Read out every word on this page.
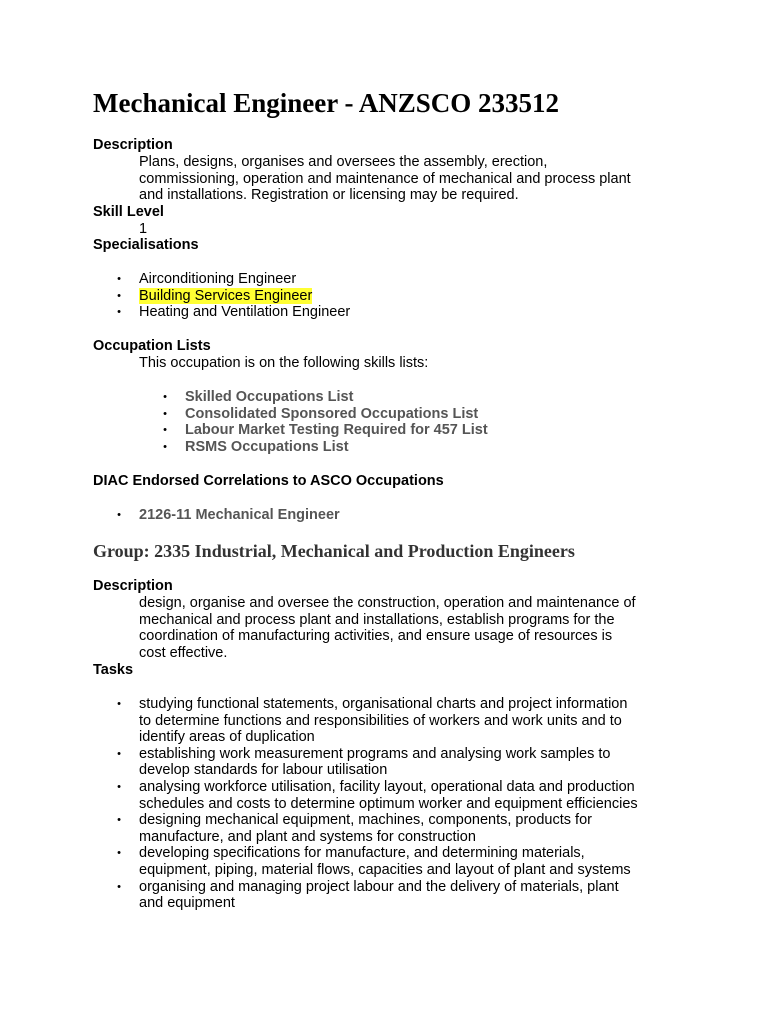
Mechanical Engineer - ANZSCO 233512
Description
Plans, designs, organises and oversees the assembly, erection,
commissioning, operation and maintenance of mechanical and process plant
and installations. Registration or licensing may be required.
Skill Level
1
Specialisations
• Airconditioning Engineer
• Building Services Engineer
• Heating and Ventilation Engineer
Occupation Lists
This occupation is on the following skills lists:
• Skilled Occupations List
• Consolidated Sponsored Occupations List
• Labour Market Testing Required for 457 List
• RSMS Occupations List
DIAC Endorsed Correlations to ASCO Occupations
• 2126-11 Mechanical Engineer
Group: 2335 Industrial, Mechanical and Production Engineers
Description
design, organise and oversee the construction, operation and maintenance of
mechanical and process plant and installations, establish programs for the
coordination of manufacturing activities, and ensure usage of resources is
cost effective.
Tasks
• studying functional statements, organisational charts and project information
to determine functions and responsibilities of workers and work units and to
identify areas of duplication
• establishing work measurement programs and analysing work samples to
develop standards for labour utilisation
• analysing workforce utilisation, facility layout, operational data and production
schedules and costs to determine optimum worker and equipment efficiencies
• designing mechanical equipment, machines, components, products for
manufacture, and plant and systems for construction
• developing specifications for manufacture, and determining materials,
equipment, piping, material flows, capacities and layout of plant and systems
• organising and managing project labour and the delivery of materials, plant
and equipment
